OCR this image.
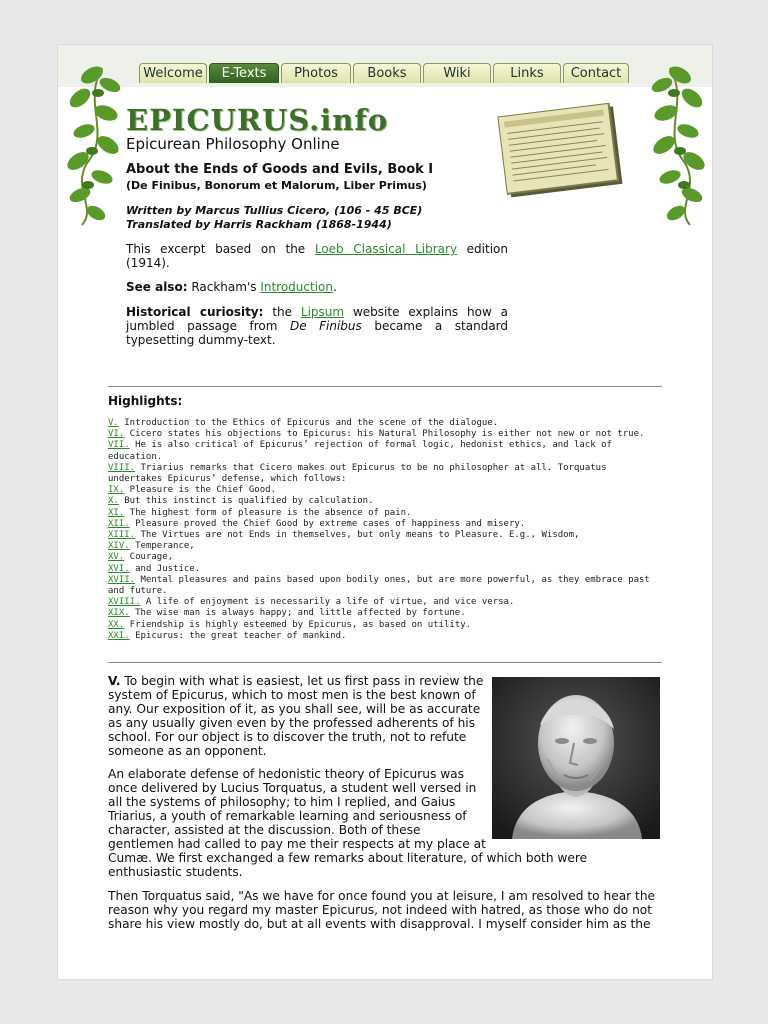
Welcome	E-Texts	Photos	Books	Wiki	Links	Contact
EPICURUS.info
Epicurean Philosophy Online
About the Ends of Goods and Evils, Book I
(De Finibus, Bonorum et Malorum, Liber Primus)
Written by Marcus Tullius Cicero, (106 - 45 BCE)
Translated by Harris Rackham (1868-1944)
This excerpt based on the Loeb Classical Library edition (1914).
See also: Rackham's Introduction.
Historical curiosity: the Lipsum website explains how a jumbled passage from De Finibus became a standard typesetting dummy-text.
Highlights:
V. Introduction to the Ethics of Epicurus and the scene of the dialogue.
VI. Cicero states his objections to Epicurus: his Natural Philosophy is either not new or not true.
VII. He is also critical of Epicurus’ rejection of formal logic, hedonist ethics, and lack of education.
VIII. Triarius remarks that Cicero makes out Epicurus to be no philosopher at all. Torquatus undertakes Epicurus’ defense, which follows:
IX. Pleasure is the Chief Good.
X. But this instinct is qualified by calculation.
XI. The highest form of pleasure is the absence of pain.
XII. Pleasure proved the Chief Good by extreme cases of happiness and misery.
XIII. The Virtues are not Ends in themselves, but only means to Pleasure. E.g., Wisdom,
XIV. Temperance,
XV. Courage,
XVI. and Justice.
XVII. Mental pleasures and pains based upon bodily ones, but are more powerful, as they embrace past and future.
XVIII. A life of enjoyment is necessarily a life of virtue, and vice versa.
XIX. The wise man is always happy; and little affected by fortune.
XX. Friendship is highly esteemed by Epicurus, as based on utility.
XXI. Epicurus: the great teacher of mankind.

V. To begin with what is easiest, let us first pass in review the system of Epicurus, which to most men is the best known of any. Our exposition of it, as you shall see, will be as accurate as any usually given even by the professed adherents of his school. For our object is to discover the truth, not to refute someone as an opponent.

An elaborate defense of hedonistic theory of Epicurus was once delivered by Lucius Torquatus, a student well versed in all the systems of philosophy; to him I replied, and Gaius Triarius, a youth of remarkable learning and seriousness of character, assisted at the discussion. Both of these gentlemen had called to pay me their respects at my place at Cumæ. We first exchanged a few remarks about literature, of which both were enthusiastic students.

Then Torquatus said, "As we have for once found you at leisure, I am resolved to hear the reason why you regard my master Epicurus, not indeed with hatred, as those who do not share his view mostly do, but at all events with disapproval. I myself consider him as the
